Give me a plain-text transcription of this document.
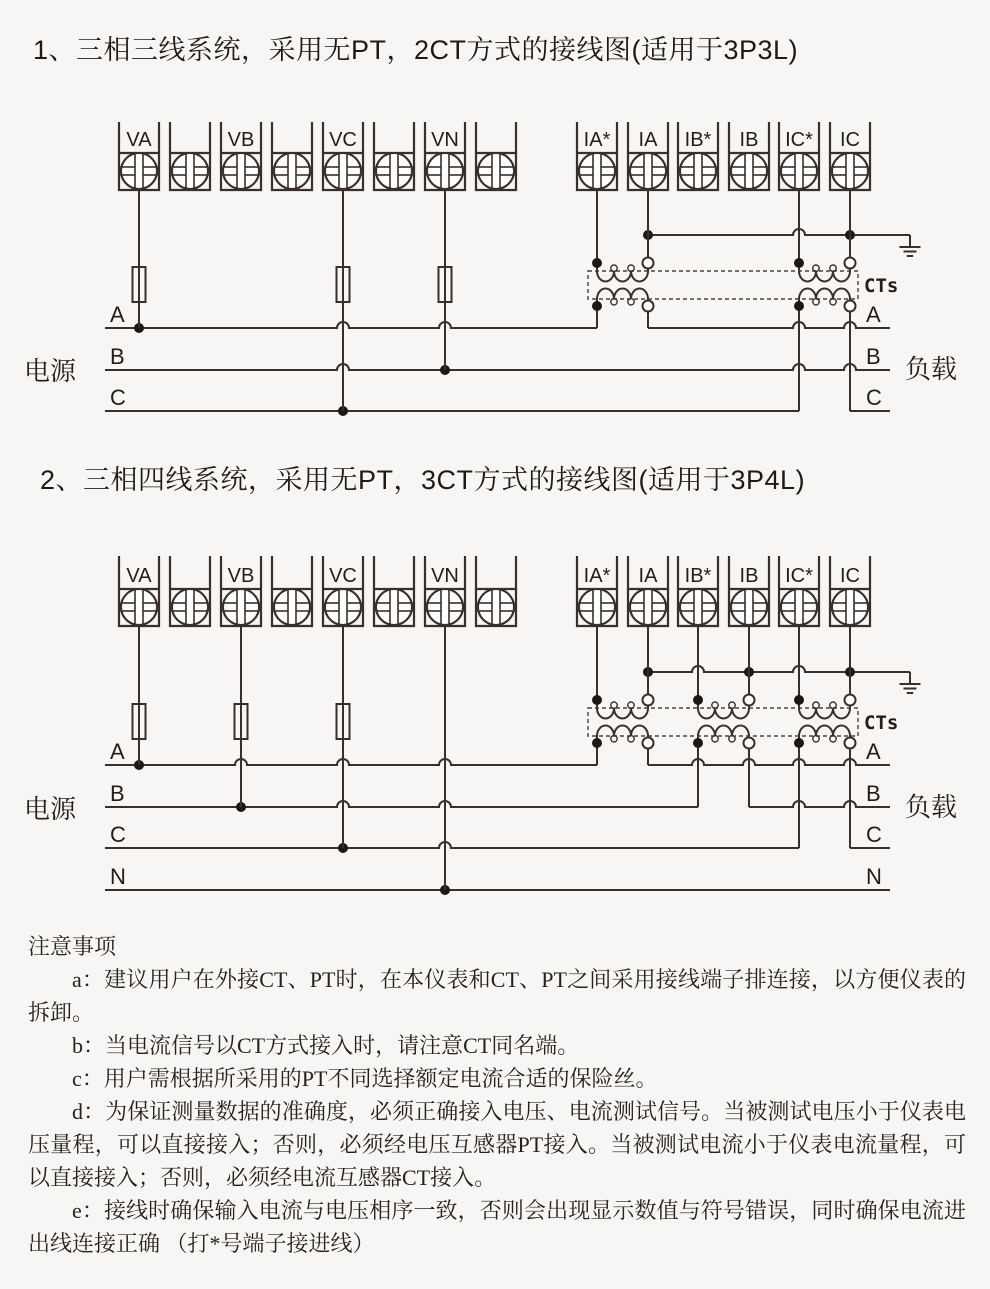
1、三相三线系统，采用无PT，2CT方式的接线图(适用于3P3L)
2、三相四线系统，采用无PT，3CT方式的接线图(适用于3P4L)
A	A
B	B
C	C
VA	VB	VC	VN	IA* IA IB* IB IC* IC
CTs
电源	负载
A	A
B	B
C	C
N	N
VA	VB	VC	VN	IA* IA IB* IB IC* IC
CTs
电源	负载
注意事项

a：建议用户在外接CT、PT时，在本仪表和CT、PT之间采用接线端子排连接，以方便仪表的拆卸。

b：当电流信号以CT方式接入时，请注意CT同名端。

c：用户需根据所采用的PT不同选择额定电流合适的保险丝。

d：为保证测量数据的准确度，必须正确接入电压、电流测试信号。当被测试电压小于仪表电压量程，可以直接接入；否则，必须经电压互感器PT接入。当被测试电流小于仪表电流量程，可以直接接入；否则，必须经电流互感器CT接入。

e：接线时确保输入电流与电压相序一致，否则会出现显示数值与符号错误，同时确保电流进出线连接正确 （打*号端子接进线）
